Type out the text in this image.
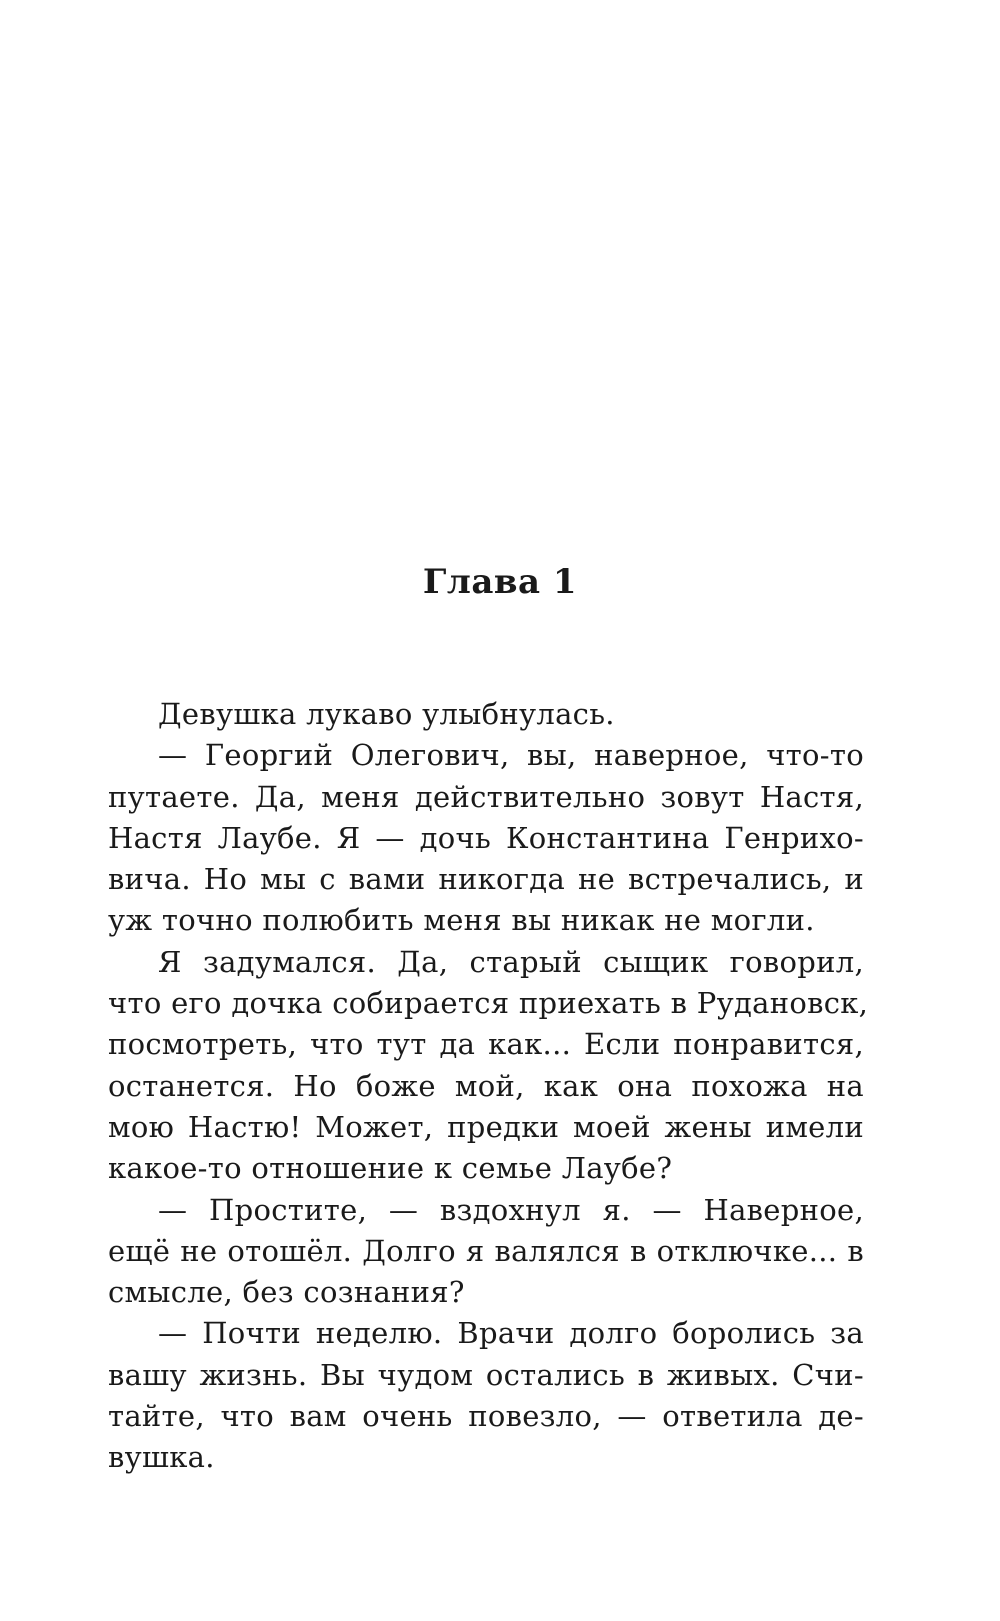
Глава 1
Девушка лукаво улыбнулась.
— Георгий Олегович, вы, наверное, что-то
путаете. Да, меня действительно зовут Настя,
Настя Лаубе. Я — дочь Константина Генрихо-
вича. Но мы с вами никогда не встречались, и
уж точно полюбить меня вы никак не могли.
Я задумался. Да, старый сыщик говорил,
что его дочка собирается приехать в Рудановск,
посмотреть, что тут да как... Если понравится,
останется. Но боже мой, как она похожа на
мою Настю! Может, предки моей жены имели
какое-то отношение к семье Лаубе?
— Простите, — вздохнул я. — Наверное,
ещё не отошёл. Долго я валялся в отключке... в
смысле, без сознания?
— Почти неделю. Врачи долго боролись за
вашу жизнь. Вы чудом остались в живых. Счи-
тайте, что вам очень повезло, — ответила де-
вушка.
